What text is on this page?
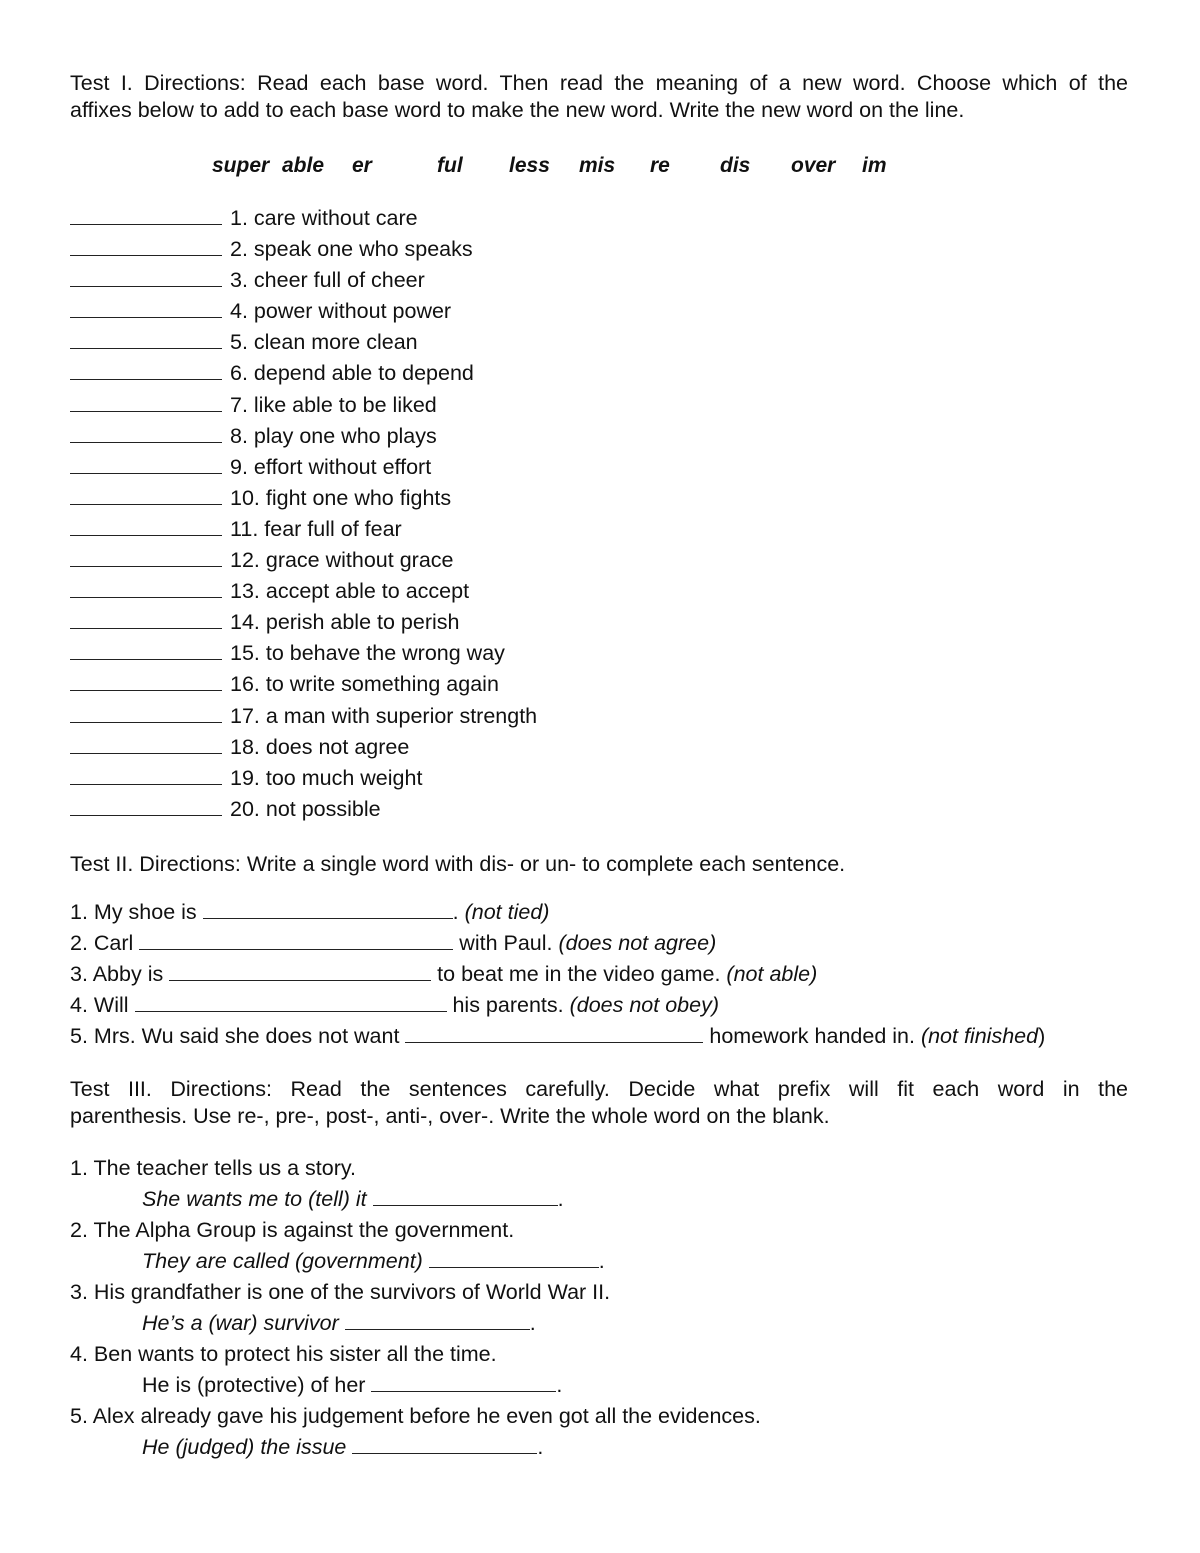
Test I. Directions: Read each base word. Then read the meaning of a new word. Choose which of the

affixes below to add to each base word to make the new word. Write the new word on the line.

super able er	ful less mis re dis over im
1. care without care
2. speak one who speaks
3. cheer full of cheer
4. power without power
5. clean more clean
6. depend able to depend
7. like able to be liked
8. play one who plays
9. effort without effort
10. fight one who fights
11. fear full of fear
12. grace without grace
13. accept able to accept
14. perish able to perish
15. to behave the wrong way
16. to write something again
17. a man with superior strength
18. does not agree
19. too much weight
20. not possible

Test II. Directions: Write a single word with dis- or un- to complete each sentence.

1. My shoe is	. (not tied)
2. Carl	with Paul. (does not agree)
3. Abby is	to beat me in the video game. (not able)
4. Will	his parents. (does not obey)
5. Mrs. Wu said she does not want	homework handed in. (not finished)

Test III. Directions: Read the sentences carefully. Decide what prefix will fit each word in the

parenthesis. Use re-, pre-, post-, anti-, over-. Write the whole word on the blank.

1. The teacher tells us a story.
She wants me to (tell) it	.
2. The Alpha Group is against the government.
They are called (government)	.
3. His grandfather is one of the survivors of World War II.
He’s a (war) survivor	.
4. Ben wants to protect his sister all the time.
He is (protective) of her	.
5. Alex already gave his judgement before he even got all the evidences.
He (judged) the issue	.
